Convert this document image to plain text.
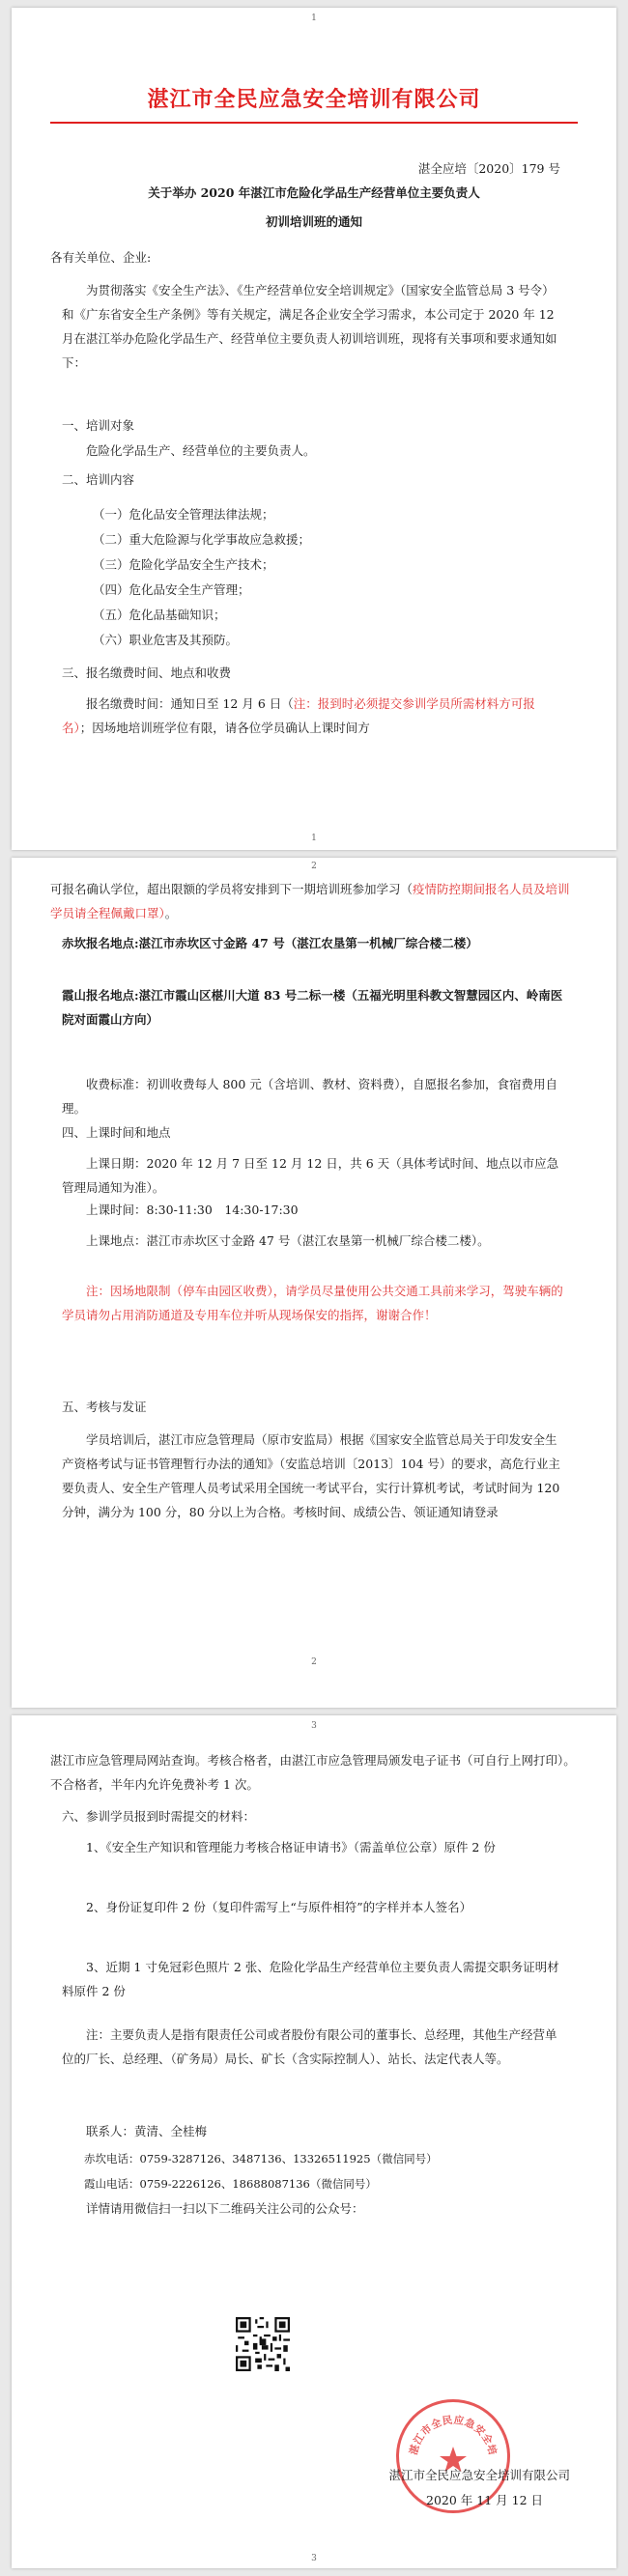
1
湛江市全民应急安全培训有限公司
湛全应培〔2020〕179 号
关于举办 2020 年湛江市危险化学品生产经营单位主要负责人
初训培训班的通知
各有关单位、企业:

为贯彻落实《安全生产法》、《生产经营单位安全培训规定》（国家安全监管总局 3 号令）和《广东省安全生产条例》等有关规定，满足各企业安全学习需求，本公司定于 2020 年 12 月在湛江举办危险化学品生产、经营单位主要负责人初训培训班，现将有关事项和要求通知如下：

一、培训对象
危险化学品生产、经营单位的主要负责人。
二、培训内容
（一）危化品安全管理法律法规；
（二）重大危险源与化学事故应急救援；
（三）危险化学品安全生产技术；
（四）危化品安全生产管理；
（五）危化品基础知识；
（六）职业危害及其预防。
三、报名缴费时间、地点和收费

报名缴费时间：通知日至 12 月 6 日（注：报到时必须提交参训学员所需材料方可报名）；因场地培训班学位有限，请各位学员确认上课时间方

1
2

可报名确认学位，超出限额的学员将安排到下一期培训班参加学习（疫情防控期间报名人员及培训学员请全程佩戴口罩）。

赤坎报名地点:湛江市赤坎区寸金路 47 号（湛江农垦第一机械厂综合楼二楼）

霞山报名地点:湛江市霞山区椹川大道 83 号二标一楼（五福光明里科教文智慧园区内、岭南医院对面霞山方向）

收费标准：初训收费每人 800 元（含培训、教材、资料费），自愿报名参加，食宿费用自理。

四、上课时间和地点

上课日期：2020 年 12 月 7 日至 12 月 12 日，共 6 天（具体考试时间、地点以市应急管理局通知为准）。

上课时间：8:30-11:30　14:30-17:30

上课地点：湛江市赤坎区寸金路 47 号（湛江农垦第一机械厂综合楼二楼）。

注：因场地限制（停车由园区收费），请学员尽量使用公共交通工具前来学习，驾驶车辆的学员请勿占用消防通道及专用车位并听从现场保安的指挥，谢谢合作！

五、考核与发证

学员培训后，湛江市应急管理局（原市安监局）根据《国家安全监管总局关于印发安全生产资格考试与证书管理暂行办法的通知》（安监总培训〔2013〕104 号）的要求，高危行业主要负责人、安全生产管理人员考试采用全国统一考试平台，实行计算机考试，考试时间为 120 分钟，满分为 100 分，80 分以上为合格。考核时间、成绩公告、领证通知请登录

2
3

湛江市应急管理局网站查询。考核合格者，由湛江市应急管理局颁发电子证书（可自行上网打印）。不合格者，半年内允许免费补考 1 次。

六、参训学员报到时需提交的材料：

1、《安全生产知识和管理能力考核合格证申请书》（需盖单位公章）原件 2 份

2、身份证复印件 2 份（复印件需写上“与原件相符”的字样并本人签名）

3、近期 1 寸免冠彩色照片 2 张、危险化学品生产经营单位主要负责人需提交职务证明材料原件 2 份

注：主要负责人是指有限责任公司或者股份有限公司的董事长、总经理，其他生产经营单位的厂长、总经理、（矿务局）局长、矿长（含实际控制人）、站长、法定代表人等。

联系人：黄清、全桂梅
赤坎电话：0759-3287126、3487136、13326511925（微信同号）
霞山电话：0759-2226126、18688087136（微信同号）
详情请用微信扫一扫以下二维码关注公司的公众号：
湛江市全民应急安全培
湛江市全民应急安全培训有限公司
2020 年 11 月 12 日
3
